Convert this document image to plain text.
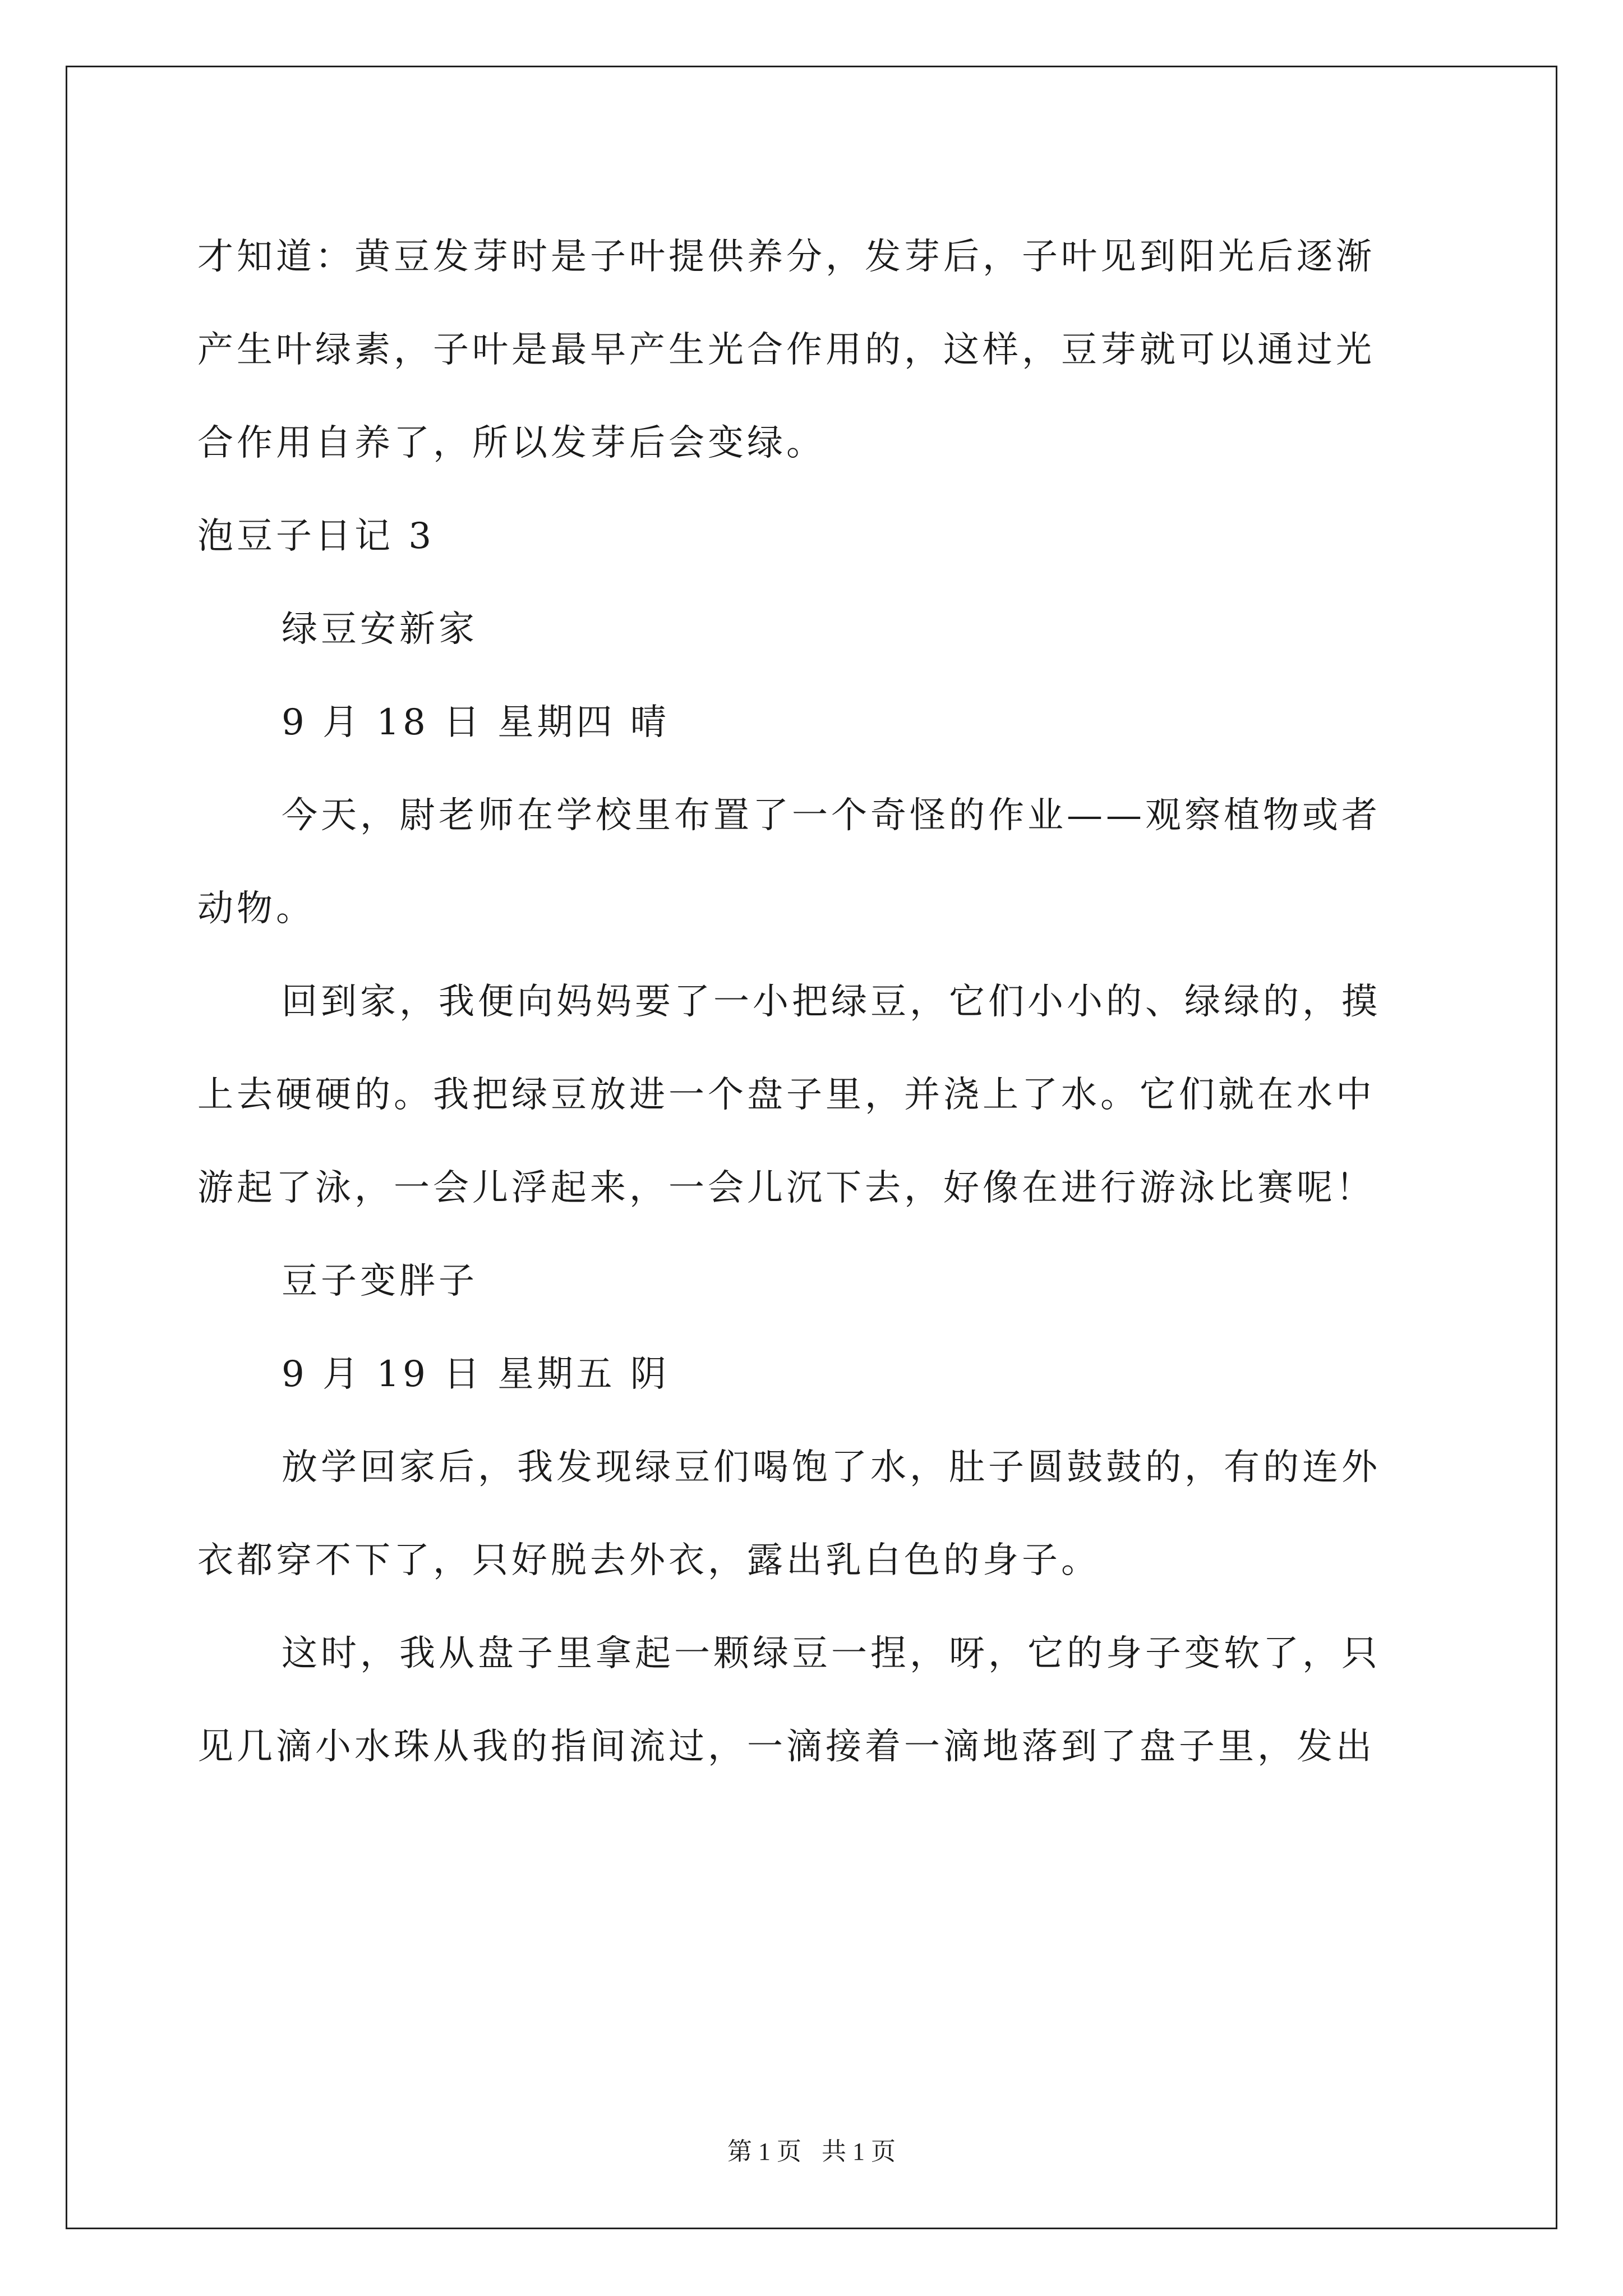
才知道：黄豆发芽时是子叶提供养分，发芽后，子叶见到阳光后逐渐
产生叶绿素，子叶是最早产生光合作用的，这样，豆芽就可以通过光
合作用自养了，所以发芽后会变绿。
泡豆子日记 3
绿豆安新家
9 月 18 日 星期四 晴
今天，尉老师在学校里布置了一个奇怪的作业——观察植物或者
动物。
回到家，我便向妈妈要了一小把绿豆，它们小小的、绿绿的，摸
上去硬硬的。我把绿豆放进一个盘子里，并浇上了水。它们就在水中
游起了泳，一会儿浮起来，一会儿沉下去，好像在进行游泳比赛呢！
豆子变胖子
9 月 19 日 星期五 阴
放学回家后，我发现绿豆们喝饱了水，肚子圆鼓鼓的，有的连外
衣都穿不下了，只好脱去外衣，露出乳白色的身子。
这时，我从盘子里拿起一颗绿豆一捏，呀，它的身子变软了，只
见几滴小水珠从我的指间流过，一滴接着一滴地落到了盘子里，发出
第 1 页 共 1 页
